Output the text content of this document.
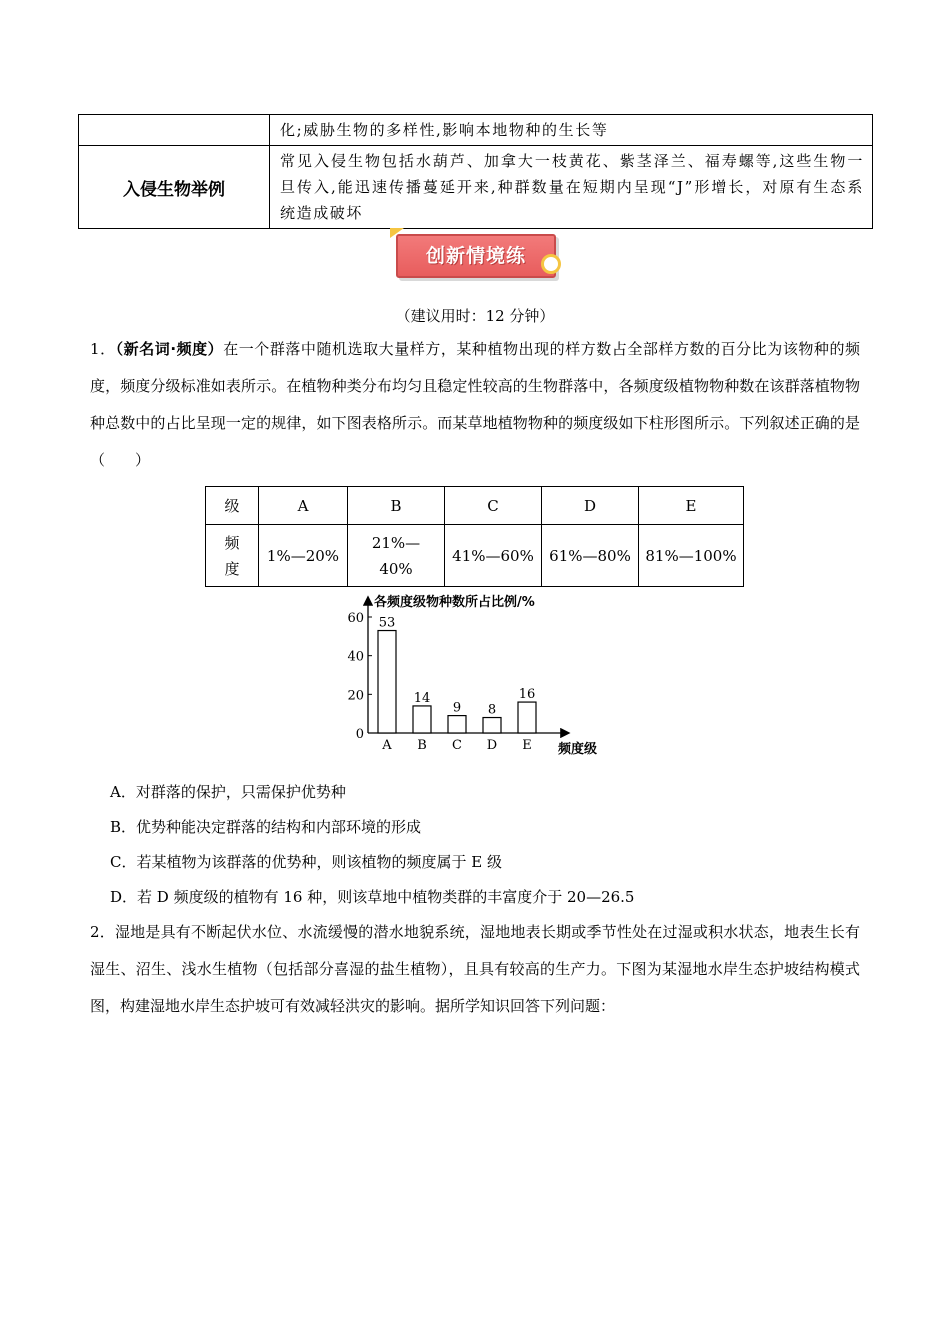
	化;威胁生物的多样性,影响本地物种的生长等
入侵生物举例	常见入侵生物包括水葫芦、加拿大一枝黄花、紫茎泽兰、福寿螺等,这些生物一旦传入,能迅速传播蔓延开来,种群数量在短期内呈现“J”形增长，对原有生态系统造成破坏
创新情境练
（建议用时：12 分钟）
1．（新名词·频度）在一个群落中随机选取大量样方，某种植物出现的样方数占全部样方数的百分比为该物种的频度，频度分级标准如表所示。在植物种类分布均匀且稳定性较高的生物群落中，各频度级植物物种数在该群落植物物种总数中的占比呈现一定的规律，如下图表格所示。而某草地植物物种的频度级如下柱形图所示。下列叙述正确的是（　　）
级	A	B	C	D	E

频度	1%—20%	21%—40%	41%—60%	61%—80%	81%—100%
各频度级物种数所占比例/%
0
20
40
60 53
A
14
B
9
C
8
D
16
E 频度级
A．对群落的保护，只需保护优势种
B．优势种能决定群落的结构和内部环境的形成
C．若某植物为该群落的优势种，则该植物的频度属于 E 级
D．若 D 频度级的植物有 16 种，则该草地中植物类群的丰富度介于 20—26.5
2．湿地是具有不断起伏水位、水流缓慢的潜水地貌系统，湿地地表长期或季节性处在过湿或积水状态，地表生长有湿生、沼生、浅水生植物（包括部分喜湿的盐生植物），且具有较高的生产力。下图为某湿地水岸生态护坡结构模式图，构建湿地水岸生态护坡可有效减轻洪灾的影响。据所学知识回答下列问题：
